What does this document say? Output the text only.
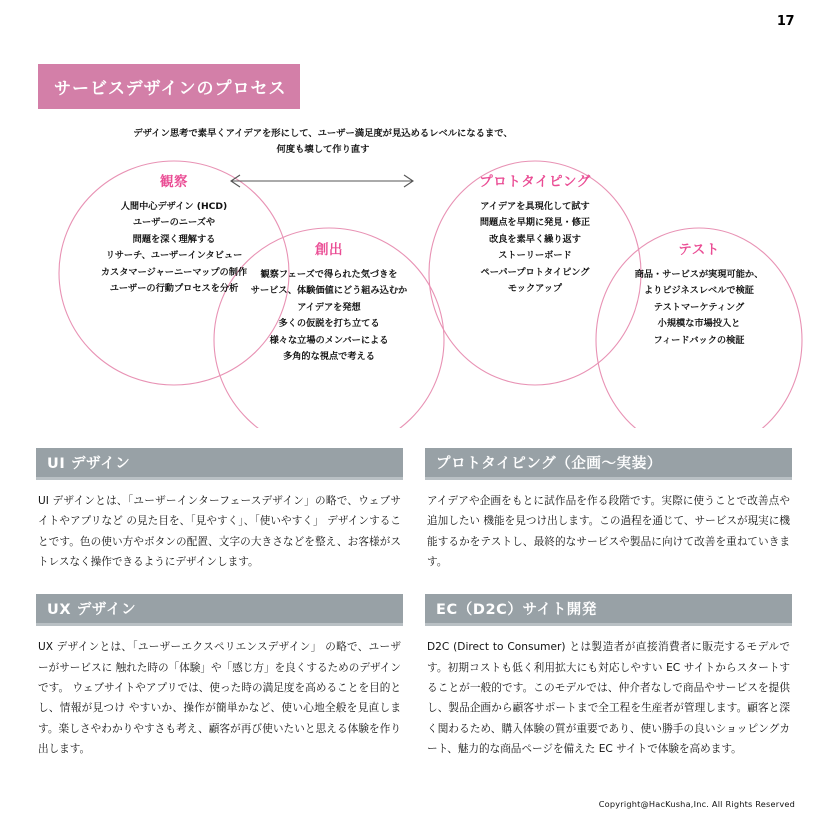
17
サービスデザインのプロセス
デザイン思考で素早くアイデアを形にして、ユーザー満足度が見込めるレベルになるまで、
何度も壊して作り直す
観察
人間中心デザイン (HCD)
ユーザーのニーズや
問題を深く理解する
リサーチ、ユーザーインタビュー
カスタマージャーニーマップの制作
ユーザーの行動プロセスを分析
創出
観察フェーズで得られた気づきを
サービス、体験価値にどう組み込むか
アイデアを発想
多くの仮説を打ち立てる
様々な立場のメンバーによる
多角的な視点で考える
プロトタイピング
アイデアを具現化して試す
問題点を早期に発見・修正
改良を素早く繰り返す
ストーリーボード
ペーパープロトタイピング
モックアップ
テスト
商品・サービスが実現可能か、
よりビジネスレベルで検証
テストマーケティング
小規模な市場投入と
フィードバックの検証
UI デザイン
UI デザインとは、「ユーザーインターフェースデザイン」の略で、ウェブサイトやアプリなど の見た目を、「見やすく」、「使いやすく」 デザインすることです。色の使い方やボタンの配置、文字の大きさなどを整え、お客様がストレスなく操作できるようにデザインします。
プロトタイピング（企画〜実装）
アイデアや企画をもとに試作品を作る段階です。実際に使うことで改善点や追加したい 機能を見つけ出します。この過程を通じて、サービスが現実に機能するかをテストし、最終的なサービスや製品に向けて改善を重ねていきます。
UX デザイン
UX デザインとは、「ユーザーエクスペリエンスデザイン」 の略で、ユーザーがサービスに 触れた時の「体験」や「感じ方」を良くするためのデザインです。 ウェブサイトやアプリでは、使った時の満足度を高めることを目的とし、情報が見つけ やすいか、操作が簡単かなど、使い心地全般を見直します。楽しさやわかりやすさも考え、顧客が再び使いたいと思える体験を作り出します。
EC（D2C）サイト開発
D2C (Direct to Consumer) とは製造者が直接消費者に販売するモデルです。初期コストも低く利用拡大にも対応しやすい EC サイトからスタートすることが一般的です。このモデルでは、仲介者なしで商品やサービスを提供し、製品企画から顧客サポートまで全工程を生産者が管理します。顧客と深く関わるため、購入体験の質が重要であり、使い勝手の良いショッピングカート、魅力的な商品ページを備えた EC サイトで体験を高めます。
Copyright@HacKusha,Inc. All Rights Reserved
